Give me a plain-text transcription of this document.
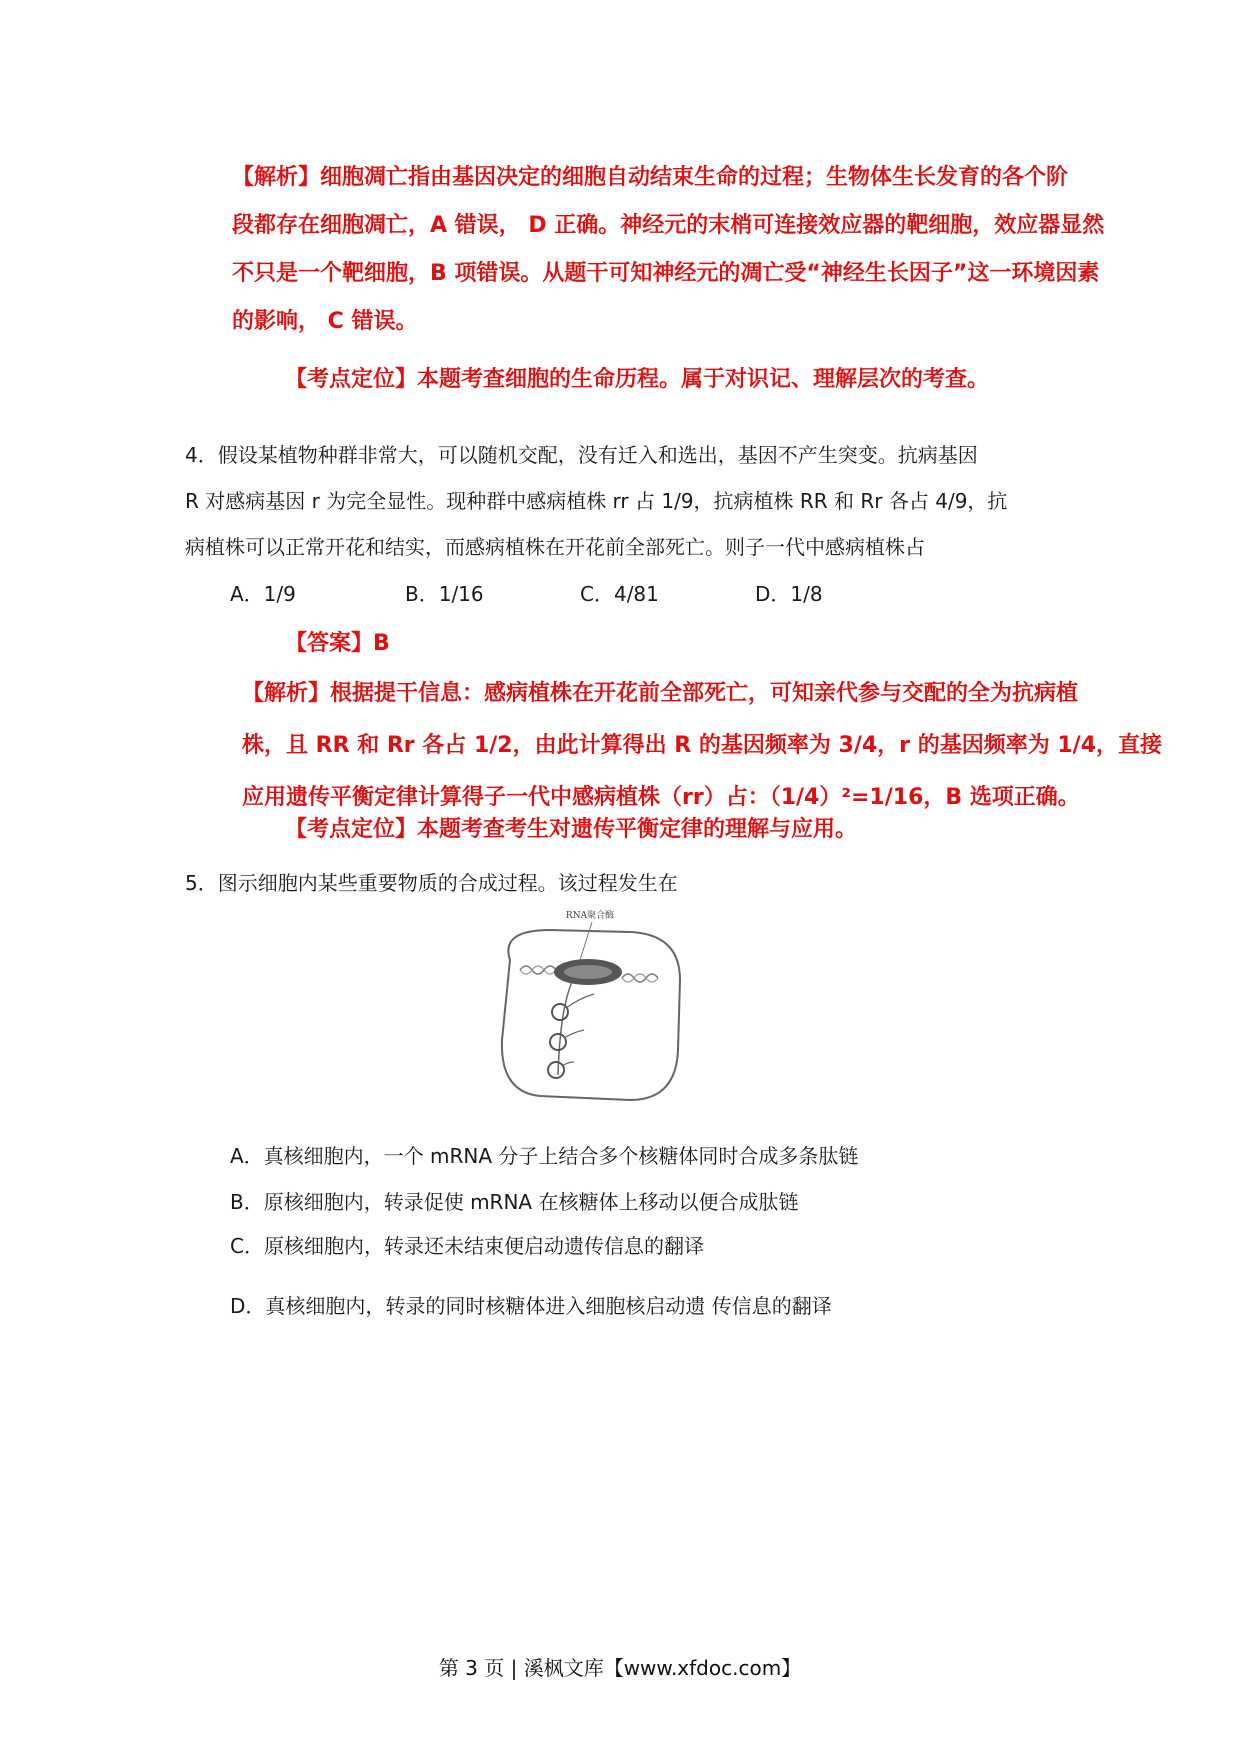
【解析】细胞凋亡指由基因决定的细胞自动结束生命的过程；生物体生长发育的各个阶
段都存在细胞凋亡，A 错误， D 正确。神经元的末梢可连接效应器的靶细胞，效应器显然
不只是一个靶细胞，B 项错误。从题干可知神经元的凋亡受“神经生长因子”这一环境因素
的影响， C 错误。
【考点定位】本题考查细胞的生命历程。属于对识记、理解层次的考查。
4．假设某植物种群非常大，可以随机交配，没有迁入和选出，基因不产生突变。抗病基因
R 对感病基因 r 为完全显性。现种群中感病植株 rr 占 1/9，抗病植株 RR 和 Rr 各占 4/9，抗
病植株可以正常开花和结实，而感病植株在开花前全部死亡。则子一代中感病植株占
A．1/9	B．1/16	C．4/81	D．1/8
【答案】B
【解析】根据提干信息：感病植株在开花前全部死亡，可知亲代参与交配的全为抗病植
株，且 RR 和 Rr 各占 1/2，由此计算得出 R 的基因频率为 3/4，r 的基因频率为 1/4，直接
应用遗传平衡定律计算得子一代中感病植株（rr）占：（1/4）²=1/16，B 选项正确。
【考点定位】本题考查考生对遗传平衡定律的理解与应用。
5．图示细胞内某些重要物质的合成过程。该过程发生在
RNA聚合酶
A．真核细胞内，一个 mRNA 分子上结合多个核糖体同时合成多条肽链
B．原核细胞内，转录促使 mRNA 在核糖体上移动以便合成肽链
C．原核细胞内，转录还未结束便启动遗传信息的翻译
D．真核细胞内，转录的同时核糖体进入细胞核启动遗 传信息的翻译
第 3 页 | 溪枫文库【www.xfdoc.com】
